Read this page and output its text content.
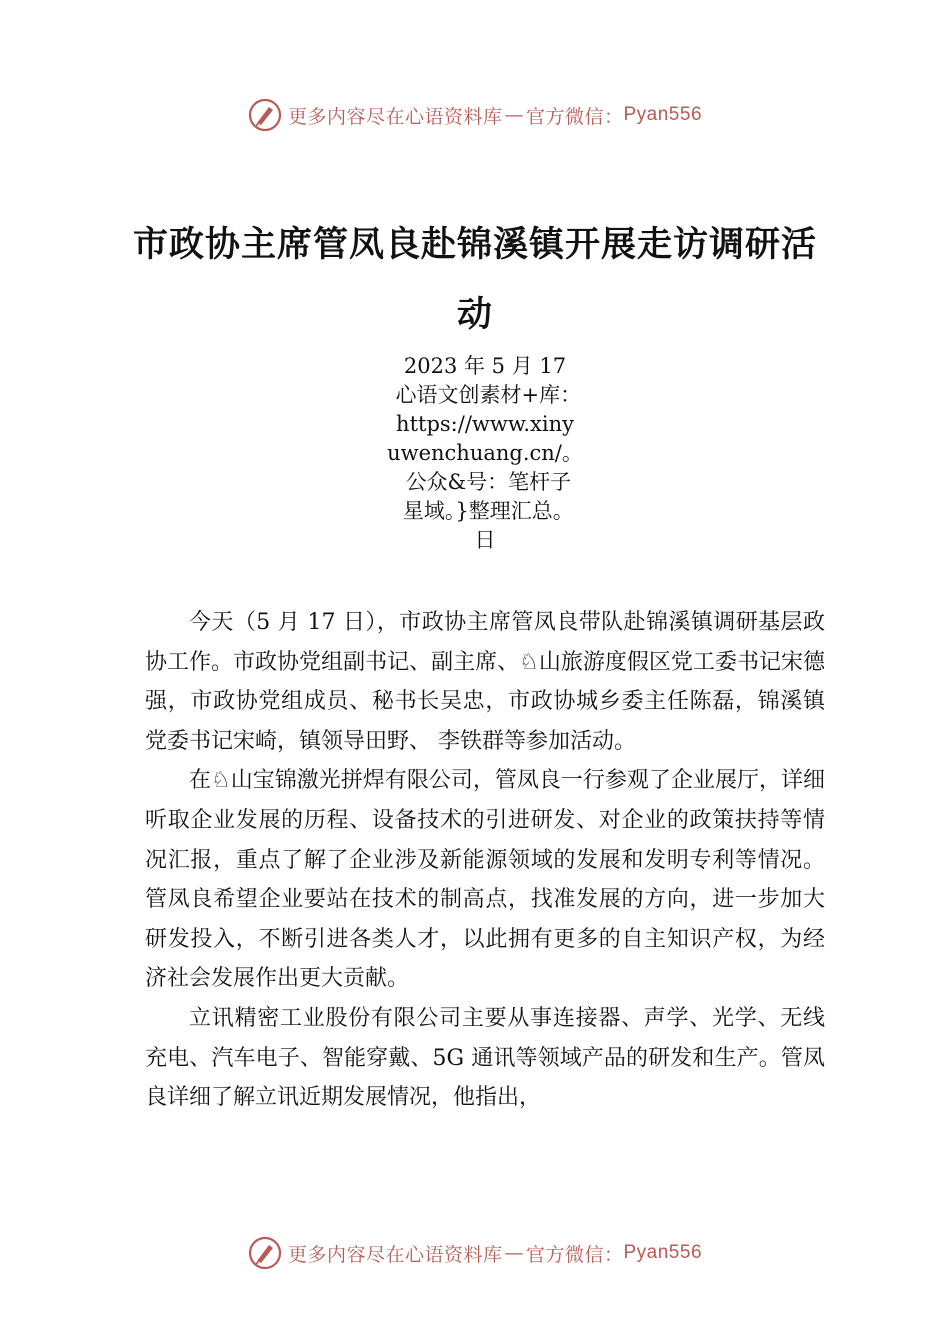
更多内容尽在心语资料库 — 官方微信： Pyan556
市政协主席管凤良赴锦溪镇开展走访调研活动
2023 年 5 月 17
心语文创素材+库：
https://www.xiny
uwenchuang.cn/。
公众&号：笔杆子
星域。}整理汇总。
日

今天（5 月 17 日），市政协主席管凤良带队赴锦溪镇调研基层政协工作。市政协党组副书记、副主席、♘山旅游度假区党工委书记宋德强，市政协党组成员、秘书长吴忠，市政协城乡委主任陈磊，锦溪镇党委书记宋崎，镇领导田野、 李铁群等参加活动。

在♘山宝锦激光拼焊有限公司，管凤良一行参观了企业展厅，详细听取企业发展的历程、设备技术的引进研发、对企业的政策扶持等情况汇报，重点了解了企业涉及新能源领域的发展和发明专利等情况。管凤良希望企业要站在技术的制高点，找准发展的方向，进一步加大研发投入，不断引进各类人才，以此拥有更多的自主知识产权，为经济社会发展作出更大贡献。

立讯精密工业股份有限公司主要从事连接器、声学、光学、无线充电、汽车电子、智能穿戴、5G 通讯等领域产品的研发和生产。管凤良详细了解立讯近期发展情况，他指出，

更多内容尽在心语资料库 — 官方微信： Pyan556
